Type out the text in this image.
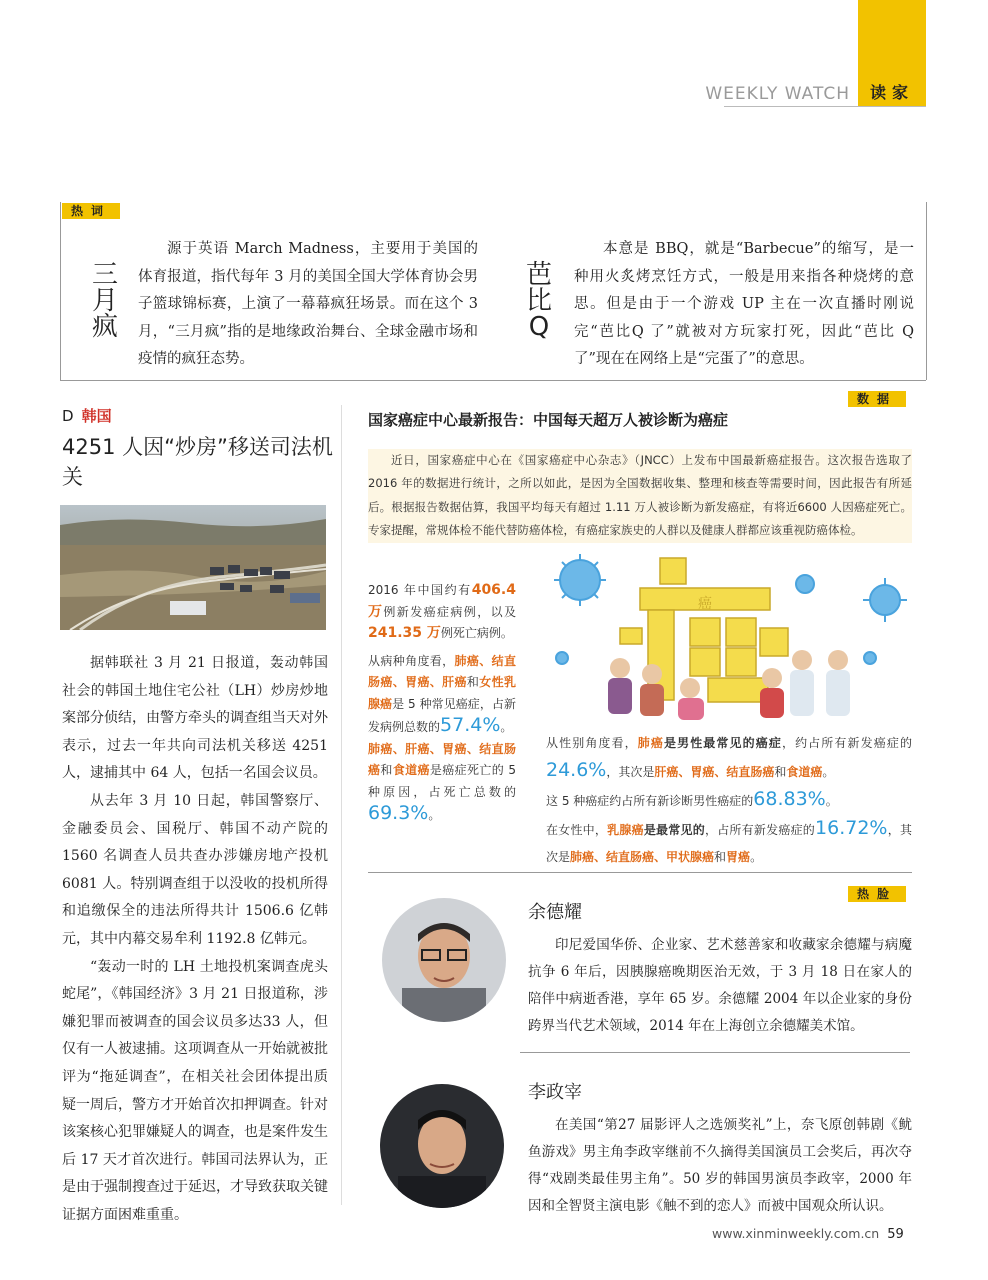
WEEKLY WATCH	读家
热词
三
月
疯
源于英语 March Madness，主要用于美国的体育报道，指代每年 3 月的美国全国大学体育协会男子篮球锦标赛，上演了一幕幕疯狂场景。而在这个 3 月，“三月疯”指的是地缘政治舞台、全球金融市场和疫情的疯狂态势。
芭
比
Q
本意是 BBQ，就是“Barbecue”的缩写，是一种用火炙烤烹饪方式，一般是用来指各种烧烤的意思。但是由于一个游戏 UP 主在一次直播时刚说完“芭比Q 了”就被对方玩家打死，因此“芭比 Q 了”现在在网络上是“完蛋了”的意思。
D 韩国
4251 人因“炒房”移送司法机关

据韩联社 3 月 21 日报道，轰动韩国社会的韩国土地住宅公社（LH）炒房炒地案部分侦结，由警方牵头的调查组当天对外表示，过去一年共向司法机关移送 4251 人，逮捕其中 64 人，包括一名国会议员。

从去年 3 月 10 日起，韩国警察厅、金融委员会、国税厅、韩国不动产院的 1560 名调查人员共查办涉嫌房地产投机 6081 人。特别调查组于以没收的投机所得和追缴保全的违法所得共计 1506.6 亿韩元，其中内幕交易牟利 1192.8 亿韩元。

“轰动一时的 LH 土地投机案调查虎头蛇尾”，《韩国经济》3 月 21 日报道称，涉嫌犯罪而被调查的国会议员多达33 人，但仅有一人被逮捕。这项调查从一开始就被批评为“拖延调查”，在相关社会团体提出质疑一周后，警方才开始首次扣押调查。针对该案核心犯罪嫌疑人的调查，也是案件发生后 17 天才首次进行。韩国司法界认为，正是由于强制搜查过于延迟，才导致获取关键证据方面困难重重。

数据
国家癌症中心最新报告：中国每天超万人被诊断为癌症
近日，国家癌症中心在《国家癌症中心杂志》（JNCC）上发布中国最新癌症报告。这次报告选取了 2016 年的数据进行统计，之所以如此，是因为全国数据收集、整理和核查等需要时间，因此报告有所延后。根据报告数据估算，我国平均每天有超过 1.11 万人被诊断为新发癌症，有将近6600 人因癌症死亡。专家提醒，常规体检不能代替防癌体检，有癌症家族史的人群以及健康人群都应该重视防癌体检。
2016 年中国约有406.4 万例新发癌症病例，以及241.35 万例死亡病例。
从病种角度看，肺癌、结直肠癌、胃癌、肝癌和女性乳腺癌是 5 种常见癌症，占新发病例总数的57.4%。
肺癌、肝癌、胃癌、结直肠癌和食道癌是癌症死亡的 5 种原因，占死亡总数的69.3%。
癌
从性别角度看，肺癌是男性最常见的癌症，约占所有新发癌症的24.6%，其次是肝癌、胃癌、结直肠癌和食道癌。
这 5 种癌症约占所有新诊断男性癌症的68.83%。
在女性中，乳腺癌是最常见的，占所有新发癌症的16.72%，其次是肺癌、结直肠癌、甲状腺癌和胃癌。
热脸
余德耀
印尼爱国华侨、企业家、艺术慈善家和收藏家余德耀与病魔抗争 6 年后，因胰腺癌晚期医治无效，于 3 月 18 日在家人的陪伴中病逝香港，享年 65 岁。余德耀 2004 年以企业家的身份跨界当代艺术领域，2014 年在上海创立余德耀美术馆。
李政宰
在美国“第27 届影评人之选颁奖礼”上，奈飞原创韩剧《鱿鱼游戏》男主角李政宰继前不久摘得美国演员工会奖后，再次夺得“戏剧类最佳男主角”。50 岁的韩国男演员李政宰，2000 年因和全智贤主演电影《触不到的恋人》而被中国观众所认识。
www.xinminweekly.com.cn 59
